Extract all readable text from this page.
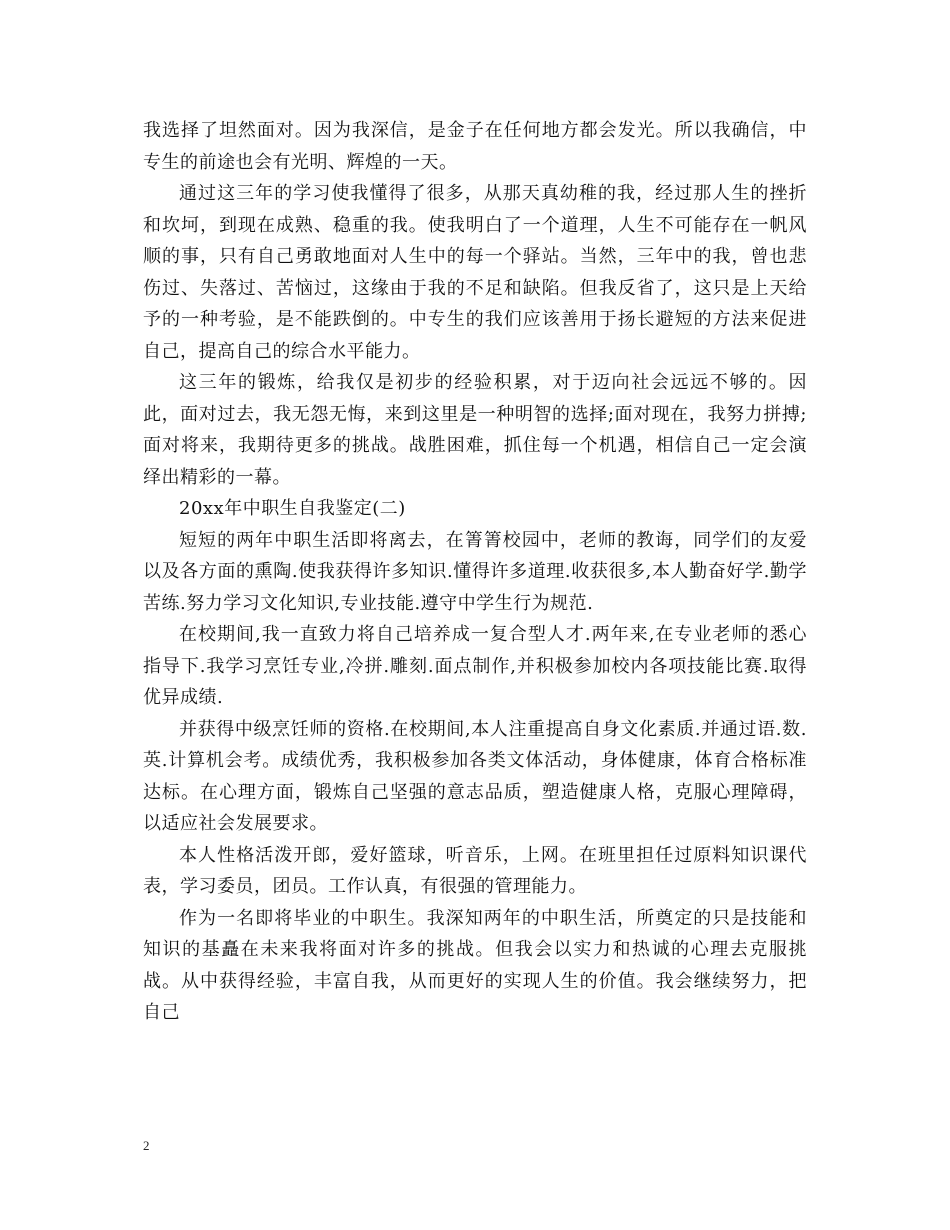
我选择了坦然面对。因为我深信，是金子在任何地方都会发光。所以我确信，中专生的前途也会有光明、辉煌的一天。

通过这三年的学习使我懂得了很多，从那天真幼稚的我，经过那人生的挫折和坎坷，到现在成熟、稳重的我。使我明白了一个道理，人生不可能存在一帆风顺的事，只有自己勇敢地面对人生中的每一个驿站。当然，三年中的我，曾也悲伤过、失落过、苦恼过，这缘由于我的不足和缺陷。但我反省了，这只是上天给予的一种考验，是不能跌倒的。中专生的我们应该善用于扬长避短的方法来促进自己，提高自己的综合水平能力。

这三年的锻炼，给我仅是初步的经验积累，对于迈向社会远远不够的。因此，面对过去，我无怨无悔，来到这里是一种明智的选择;面对现在，我努力拼搏;面对将来，我期待更多的挑战。战胜困难，抓住每一个机遇，相信自己一定会演绎出精彩的一幕。

20xx年中职生自我鉴定(二)

短短的两年中职生活即将离去，在箐箐校园中，老师的教诲，同学们的友爱以及各方面的熏陶.使我获得许多知识.懂得许多道理.收获很多,本人勤奋好学.勤学苦练.努力学习文化知识,专业技能.遵守中学生行为规范.

在校期间,我一直致力将自己培养成一复合型人才.两年来,在专业老师的悉心指导下.我学习烹饪专业,冷拼.雕刻.面点制作,并积极参加校内各项技能比赛.取得优异成绩.

并获得中级烹饪师的资格.在校期间,本人注重提高自身文化素质.并通过语.数.英.计算机会考。成绩优秀，我积极参加各类文体活动，身体健康，体育合格标准达标。在心理方面，锻炼自己坚强的意志品质，塑造健康人格，克服心理障碍，以适应社会发展要求。

本人性格活泼开郎，爱好篮球，听音乐，上网。在班里担任过原料知识课代表，学习委员，团员。工作认真，有很强的管理能力。

作为一名即将毕业的中职生。我深知两年的中职生活，所奠定的只是技能和知识的基矗在未来我将面对许多的挑战。但我会以实力和热诚的心理去克服挑战。从中获得经验，丰富自我，从而更好的实现人生的价值。我会继续努力，把自己

2
